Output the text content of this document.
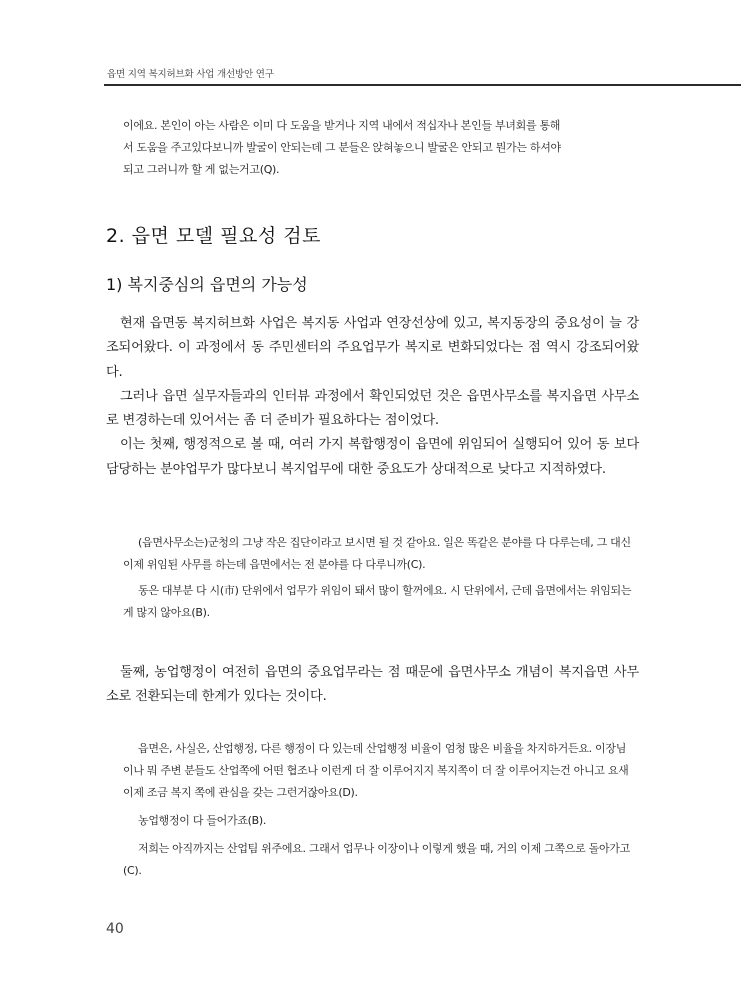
읍면 지역 복지허브화 사업 개선방안 연구

이에요. 본인이 아는 사람은 이미 다 도움을 받거나 지역 내에서 적십자나 본인들 부녀회를 통해

서 도움을 주고있다보니까 발굴이 안되는데 그 분들은 앉혀놓으니 발굴은 안되고 뭔가는 하셔야

되고 그러니까 할 게 없는거고(Q).

2. 읍면 모델 필요성 검토
1) 복지중심의 읍면의 가능성

현재 읍면동 복지허브화 사업은 복지동 사업과 연장선상에 있고, 복지동장의 중요성이 늘 강조되어왔다. 이 과정에서 동 주민센터의 주요업무가 복지로 변화되었다는 점 역시 강조되어왔다.

그러나 읍면 실무자들과의 인터뷰 과정에서 확인되었던 것은 읍면사무소를 복지읍면 사무소로 변경하는데 있어서는 좀 더 준비가 필요하다는 점이었다.

이는 첫째, 행정적으로 볼 때, 여러 가지 복합행정이 읍면에 위임되어 실행되어 있어 동 보다 담당하는 분야업무가 많다보니 복지업무에 대한 중요도가 상대적으로 낮다고 지적하였다.

(읍면사무소는)군청의 그냥 작은 집단이라고 보시면 될 것 같아요. 일은 똑같은 분야를 다 다루는데, 그 대신 이제 위임된 사무를 하는데 읍면에서는 전 분야를 다 다루니까(C).

동은 대부분 다 시(市) 단위에서 업무가 위임이 돼서 많이 할꺼에요. 시 단위에서, 근데 읍면에서는 위임되는게 많지 않아요(B).

둘째, 농업행정이 여전히 읍면의 중요업무라는 점 때문에 읍면사무소 개념이 복지읍면 사무소로 전환되는데 한계가 있다는 것이다.

읍면은, 사실은, 산업행정, 다른 행정이 다 있는데 산업행정 비율이 엄청 많은 비율을 차지하거든요. 이장님이나 뭐 주변 분들도 산업쪽에 어떤 협조나 이런게 더 잘 이루어지지 복지쪽이 더 잘 이루어지는건 아니고 요새 이제 조금 복지 쪽에 관심을 갖는 그런거잖아요(D).

농업행정이 다 들어가죠(B).

저희는 아직까지는 산업팀 위주에요. 그래서 업무나 이장이나 이렇게 했을 때, 거의 이제 그쪽으로 돌아가고(C).

40
